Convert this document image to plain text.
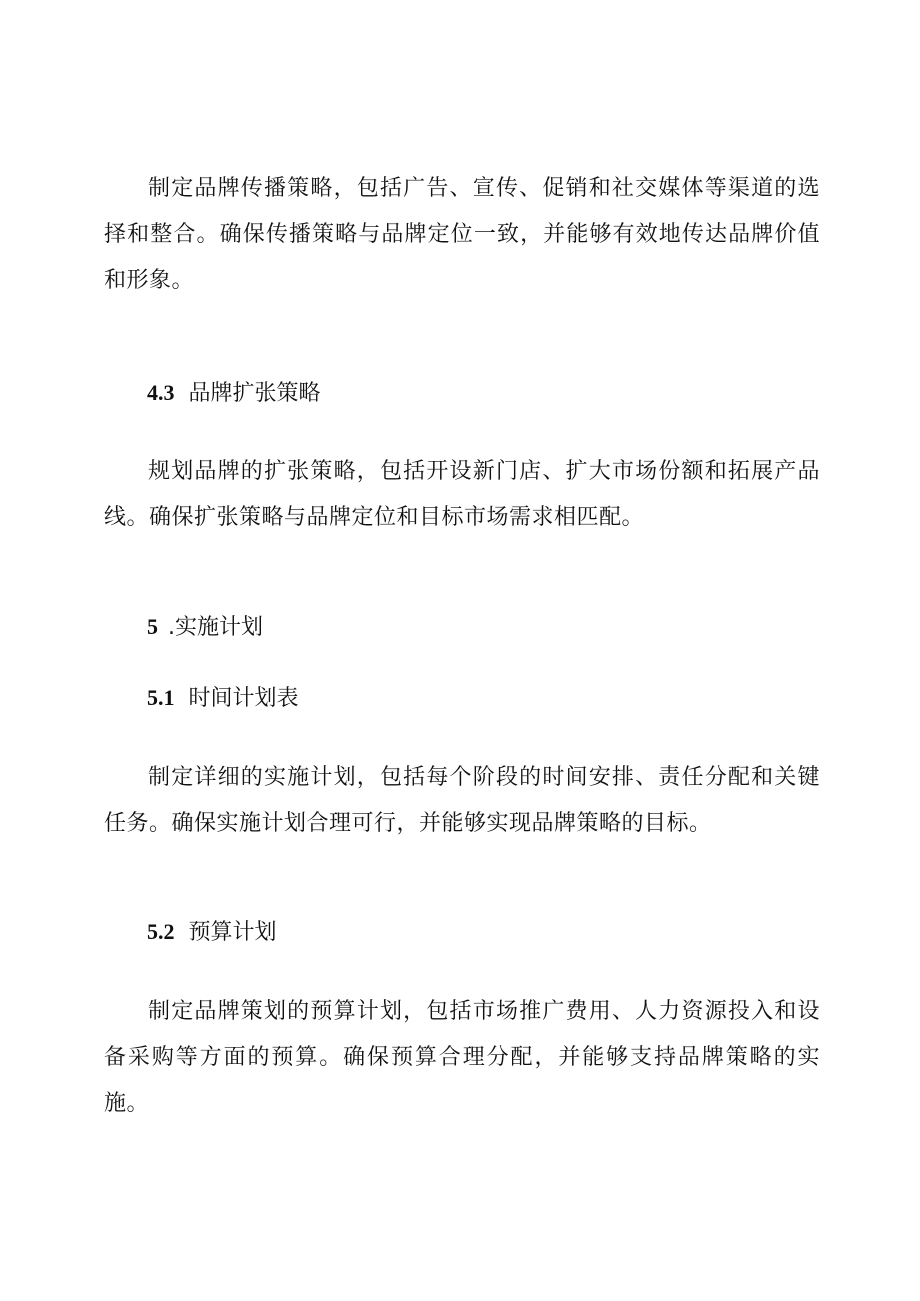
制定品牌传播策略，包括广告、宣传、促销和社交媒体等渠道的选择和整合。确保传播策略与品牌定位一致，并能够有效地传达品牌价值和形象。

4.3 品牌扩张策略

规划品牌的扩张策略，包括开设新门店、扩大市场份额和拓展产品线。确保扩张策略与品牌定位和目标市场需求相匹配。

5 .实施计划
5.1 时间计划表

制定详细的实施计划，包括每个阶段的时间安排、责任分配和关键任务。确保实施计划合理可行，并能够实现品牌策略的目标。

5.2 预算计划

制定品牌策划的预算计划，包括市场推广费用、人力资源投入和设备采购等方面的预算。确保预算合理分配，并能够支持品牌策略的实施。
